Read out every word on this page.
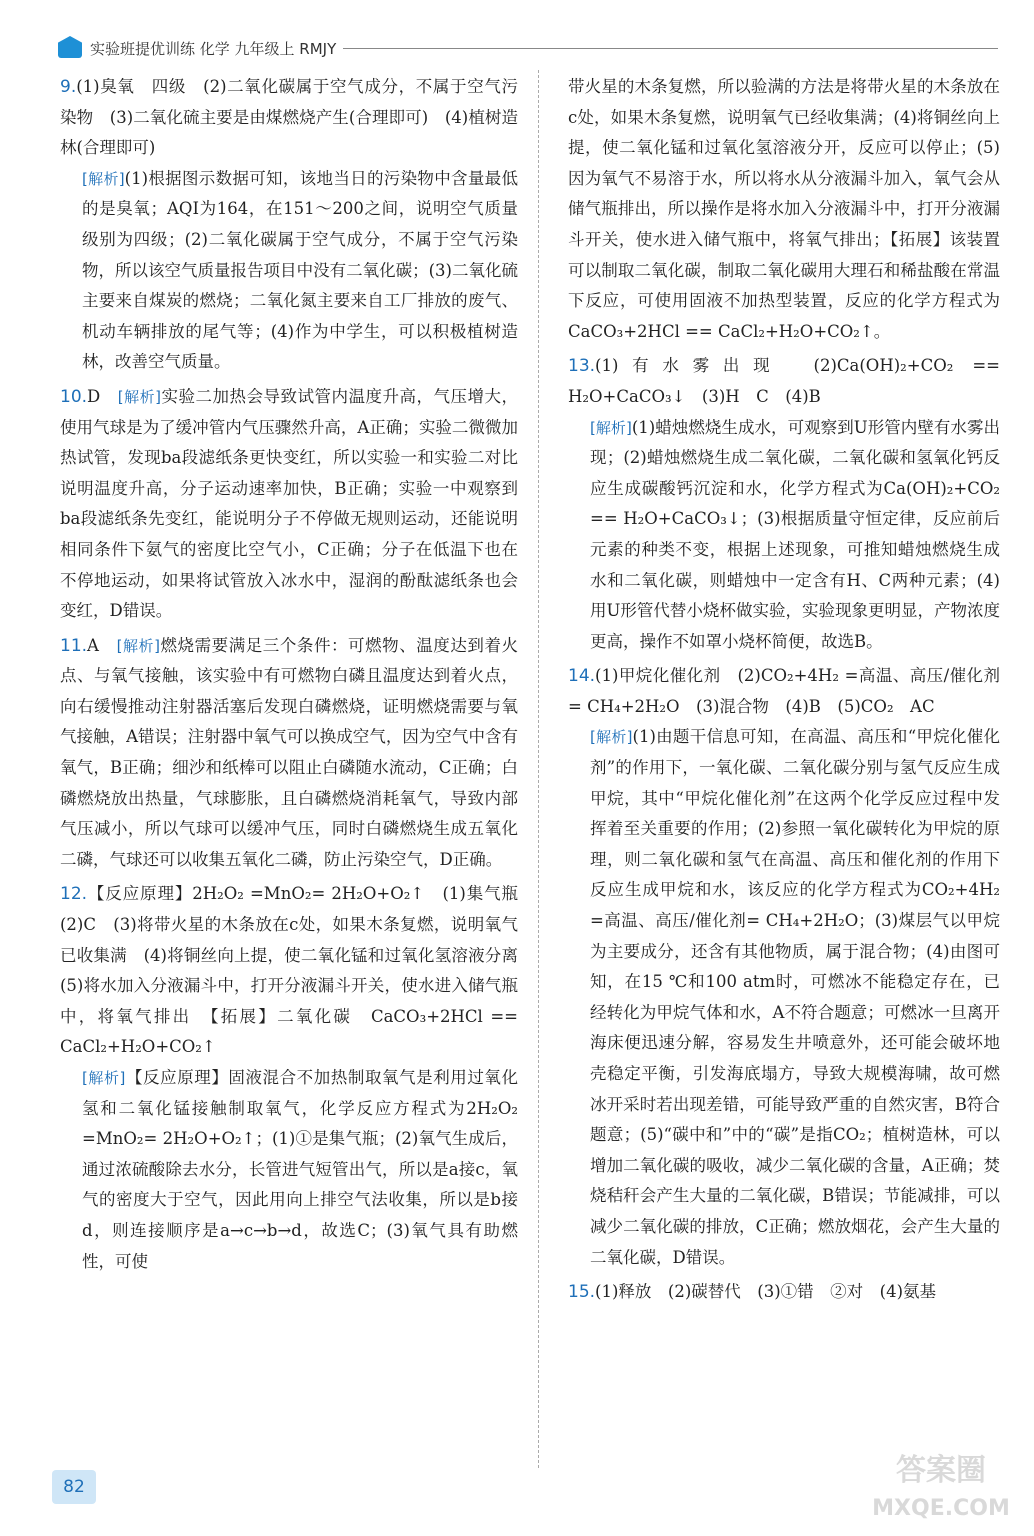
实验班提优训练 化学 九年级上 RMJY
9.(1)臭氧　四级　(2)二氧化碳属于空气成分，不属于空气污染物　(3)二氧化硫主要是由煤燃烧产生(合理即可)　(4)植树造林(合理即可)
[解析](1)根据图示数据可知，该地当日的污染物中含量最低的是臭氧；AQI为164，在151～200之间，说明空气质量级别为四级；(2)二氧化碳属于空气成分，不属于空气污染物，所以该空气质量报告项目中没有二氧化碳；(3)二氧化硫主要来自煤炭的燃烧；二氧化氮主要来自工厂排放的废气、机动车辆排放的尾气等；(4)作为中学生，可以积极植树造林，改善空气质量。
10.D　 [解析]实验二加热会导致试管内温度升高，气压增大，使用气球是为了缓冲管内气压骤然升高，A正确；实验二微微加热试管，发现ba段滤纸条更快变红，所以实验一和实验二对比说明温度升高，分子运动速率加快，B正确；实验一中观察到ba段滤纸条先变红，能说明分子不停做无规则运动，还能说明相同条件下氨气的密度比空气小，C正确；分子在低温下也在不停地运动，如果将试管放入冰水中，湿润的酚酞滤纸条也会变红，D错误。
11.A　 [解析]燃烧需要满足三个条件：可燃物、温度达到着火点、与氧气接触，该实验中有可燃物白磷且温度达到着火点，向右缓慢推动注射器活塞后发现白磷燃烧，证明燃烧需要与氧气接触，A错误；注射器中氧气可以换成空气，因为空气中含有氧气，B正确；细沙和纸棒可以阻止白磷随水流动，C正确；白磷燃烧放出热量，气球膨胀，且白磷燃烧消耗氧气，导致内部气压减小，所以气球可以缓冲气压，同时白磷燃烧生成五氧化二磷，气球还可以收集五氧化二磷，防止污染空气，D正确。
12.【反应原理】2H₂O₂ =MnO₂= 2H₂O+O₂↑　(1)集气瓶　(2)C　(3)将带火星的木条放在c处，如果木条复燃，说明氧气已收集满　(4)将铜丝向上提，使二氧化锰和过氧化氢溶液分离　(5)将水加入分液漏斗中，打开分液漏斗开关，使水进入储气瓶中，将氧气排出　【拓展】二氧化碳　CaCO₃+2HCl == CaCl₂+H₂O+CO₂↑
[解析]【反应原理】固液混合不加热制取氧气是利用过氧化氢和二氧化锰接触制取氧气，化学反应方程式为2H₂O₂ =MnO₂= 2H₂O+O₂↑；(1)①是集气瓶；(2)氧气生成后，通过浓硫酸除去水分，长管进气短管出气，所以是a接c，氧气的密度大于空气，因此用向上排空气法收集，所以是b接d，则连接顺序是a→c→b→d，故选C；(3)氧气具有助燃性，可使
带火星的木条复燃，所以验满的方法是将带火星的木条放在c处，如果木条复燃，说明氧气已经收集满；(4)将铜丝向上提，使二氧化锰和过氧化氢溶液分开，反应可以停止；(5)因为氧气不易溶于水，所以将水从分液漏斗加入，氧气会从储气瓶排出，所以操作是将水加入分液漏斗中，打开分液漏斗开关，使水进入储气瓶中，将氧气排出；【拓展】该装置可以制取二氧化碳，制取二氧化碳用大理石和稀盐酸在常温下反应，可使用固液不加热型装置，反应的化学方程式为CaCO₃+2HCl == CaCl₂+H₂O+CO₂↑。
13.(1)有水雾出现　(2)Ca(OH)₂+CO₂ == H₂O+CaCO₃↓　(3)H　C　(4)B
[解析](1)蜡烛燃烧生成水，可观察到U形管内壁有水雾出现；(2)蜡烛燃烧生成二氧化碳，二氧化碳和氢氧化钙反应生成碳酸钙沉淀和水，化学方程式为Ca(OH)₂+CO₂ == H₂O+CaCO₃↓；(3)根据质量守恒定律，反应前后元素的种类不变，根据上述现象，可推知蜡烛燃烧生成水和二氧化碳，则蜡烛中一定含有H、C两种元素；(4)用U形管代替小烧杯做实验，实验现象更明显，产物浓度更高，操作不如罩小烧杯简便，故选B。
14.(1)甲烷化催化剂　(2)CO₂+4H₂ =高温、高压/催化剂= CH₄+2H₂O　(3)混合物　(4)B　(5)CO₂　AC
[解析](1)由题干信息可知，在高温、高压和“甲烷化催化剂”的作用下，一氧化碳、二氧化碳分别与氢气反应生成甲烷，其中“甲烷化催化剂”在这两个化学反应过程中发挥着至关重要的作用；(2)参照一氧化碳转化为甲烷的原理，则二氧化碳和氢气在高温、高压和催化剂的作用下反应生成甲烷和水，该反应的化学方程式为CO₂+4H₂ =高温、高压/催化剂= CH₄+2H₂O；(3)煤层气以甲烷为主要成分，还含有其他物质，属于混合物；(4)由图可知，在15 ℃和100 atm时，可燃冰不能稳定存在，已经转化为甲烷气体和水，A不符合题意；可燃冰一旦离开海床便迅速分解，容易发生井喷意外，还可能会破坏地壳稳定平衡，引发海底塌方，导致大规模海啸，故可燃冰开采时若出现差错，可能导致严重的自然灾害，B符合题意；(5)“碳中和”中的“碳”是指CO₂；植树造林，可以增加二氧化碳的吸收，减少二氧化碳的含量，A正确；焚烧秸秆会产生大量的二氧化碳，B错误；节能减排，可以减少二氧化碳的排放，C正确；燃放烟花，会产生大量的二氧化碳，D错误。
15.(1)释放　(2)碳替代　(3)①错　②对　(4)氨基
82	答案圈
MXQE.COM
